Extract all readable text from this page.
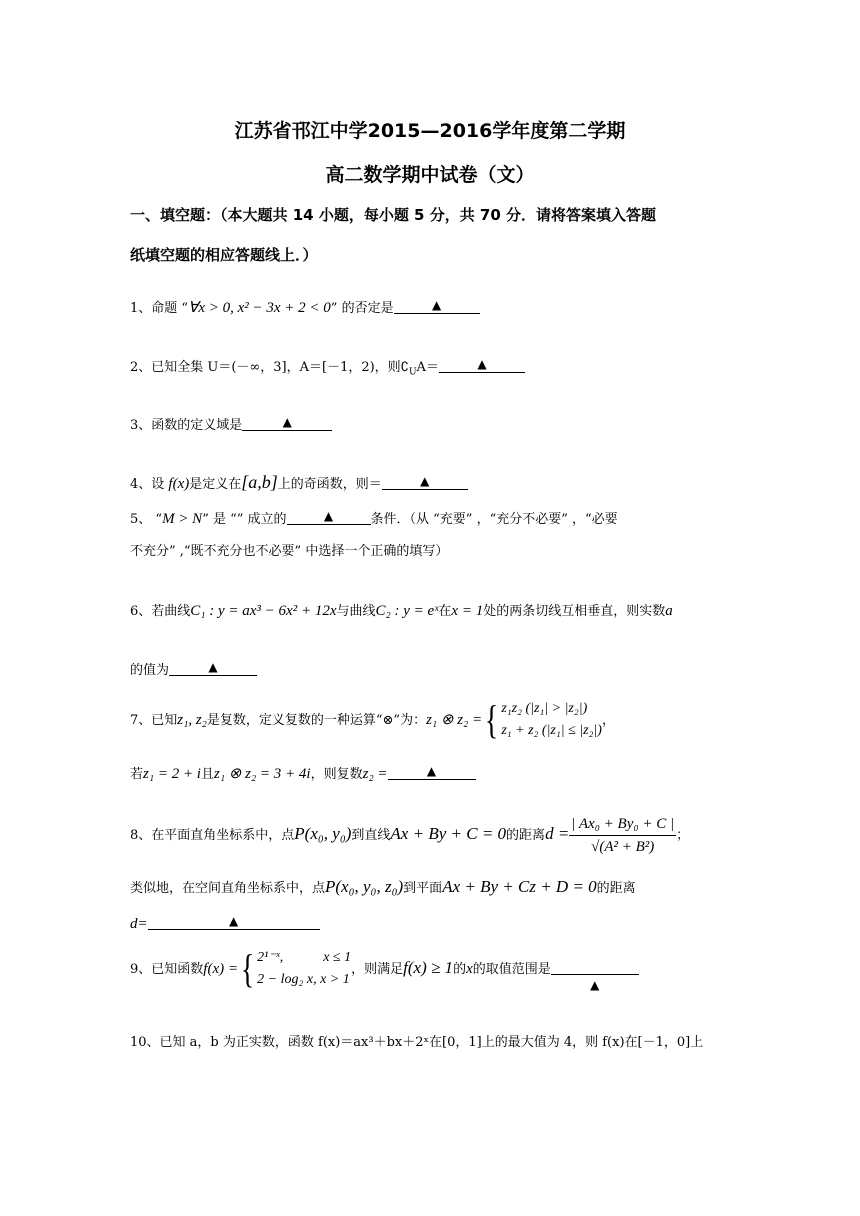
江苏省邗江中学2015—2016学年度第二学期
高二数学期中试卷（文）
一、填空题：（本大题共 14 小题，每小题 5 分，共 70 分．请将答案填入答题
纸填空题的相应答题线上．）
1、命题 “∀x > 0, x² − 3x + 2 < 0” 的否定是	▲
2、已知全集 U＝(－∞，3]，A＝[－1，2)，则$∁_UA=$	▲
3、函数的定义域是	▲
4、设 f(x)是定义在[a,b]上的奇函数，则＝	▲
5、 “M > N” 是 “” 成立的	▲	条件．（从 “充要” ，“充分不必要” ，“必要
不充分” ,“既不充分也不必要” 中选择一个正确的填写）
6、若曲线C₁ : y = ax³ − 6x² + 12x与曲线C₂ : y = eˣ在x = 1处的两条切线互相垂直，则实数a
的值为	▲
7、已知z₁, z₂是复数，定义复数的一种运算“⊗”为：z₁ ⊗ z₂ ={ z₁z₂ (|z₁| > |z₂|)
z₁ + z₂ (|z₁| ≤ |z₂|)，
若z₁ = 2 + i且z₁ ⊗ z₂ = 3 + 4i，则复数z₂ =	▲
8、在平面直角坐标系中，点P(x₀, y₀)到直线Ax + By + C = 0的距离$d = \frac{\text{| Ax₀ + By₀ + C |}}{\text{√(A² + B²)}}$ ；
类似地，在空间直角坐标系中，点P(x₀, y₀, z₀)到平面Ax + By + Cz + D = 0的距离
d=	▲
9、已知函数f(x) ={ 2¹⁻ˣ,	x ≤ 1
2 − log₂ x, x > 1，则满足f(x) ≥ 1的x的取值范围是
▲
10、已知 a，b 为正实数，函数 f(x)＝ax³＋bx＋2ˣ在[0，1]上的最大值为 4，则 f(x)在[－1，0]上
